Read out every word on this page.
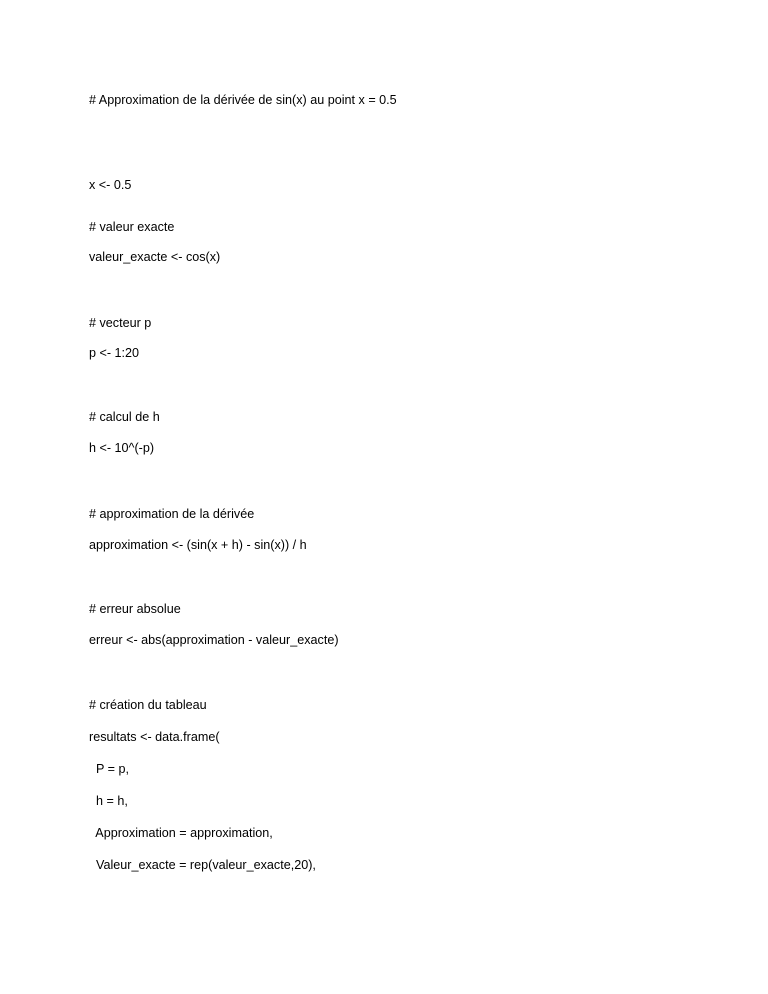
# Approximation de la dérivée de sin(x) au point x = 0.5

x <- 0.5

# valeur exacte

valeur_exacte <- cos(x)

# vecteur p

p <- 1:20

# calcul de h

h <- 10^(-p)

# approximation de la dérivée

approximation <- (sin(x + h) - sin(x)) / h

# erreur absolue

erreur <- abs(approximation - valeur_exacte)

# création du tableau

resultats <- data.frame(

P = p,

h = h,

Approximation = approximation,

Valeur_exacte = rep(valeur_exacte,20),
